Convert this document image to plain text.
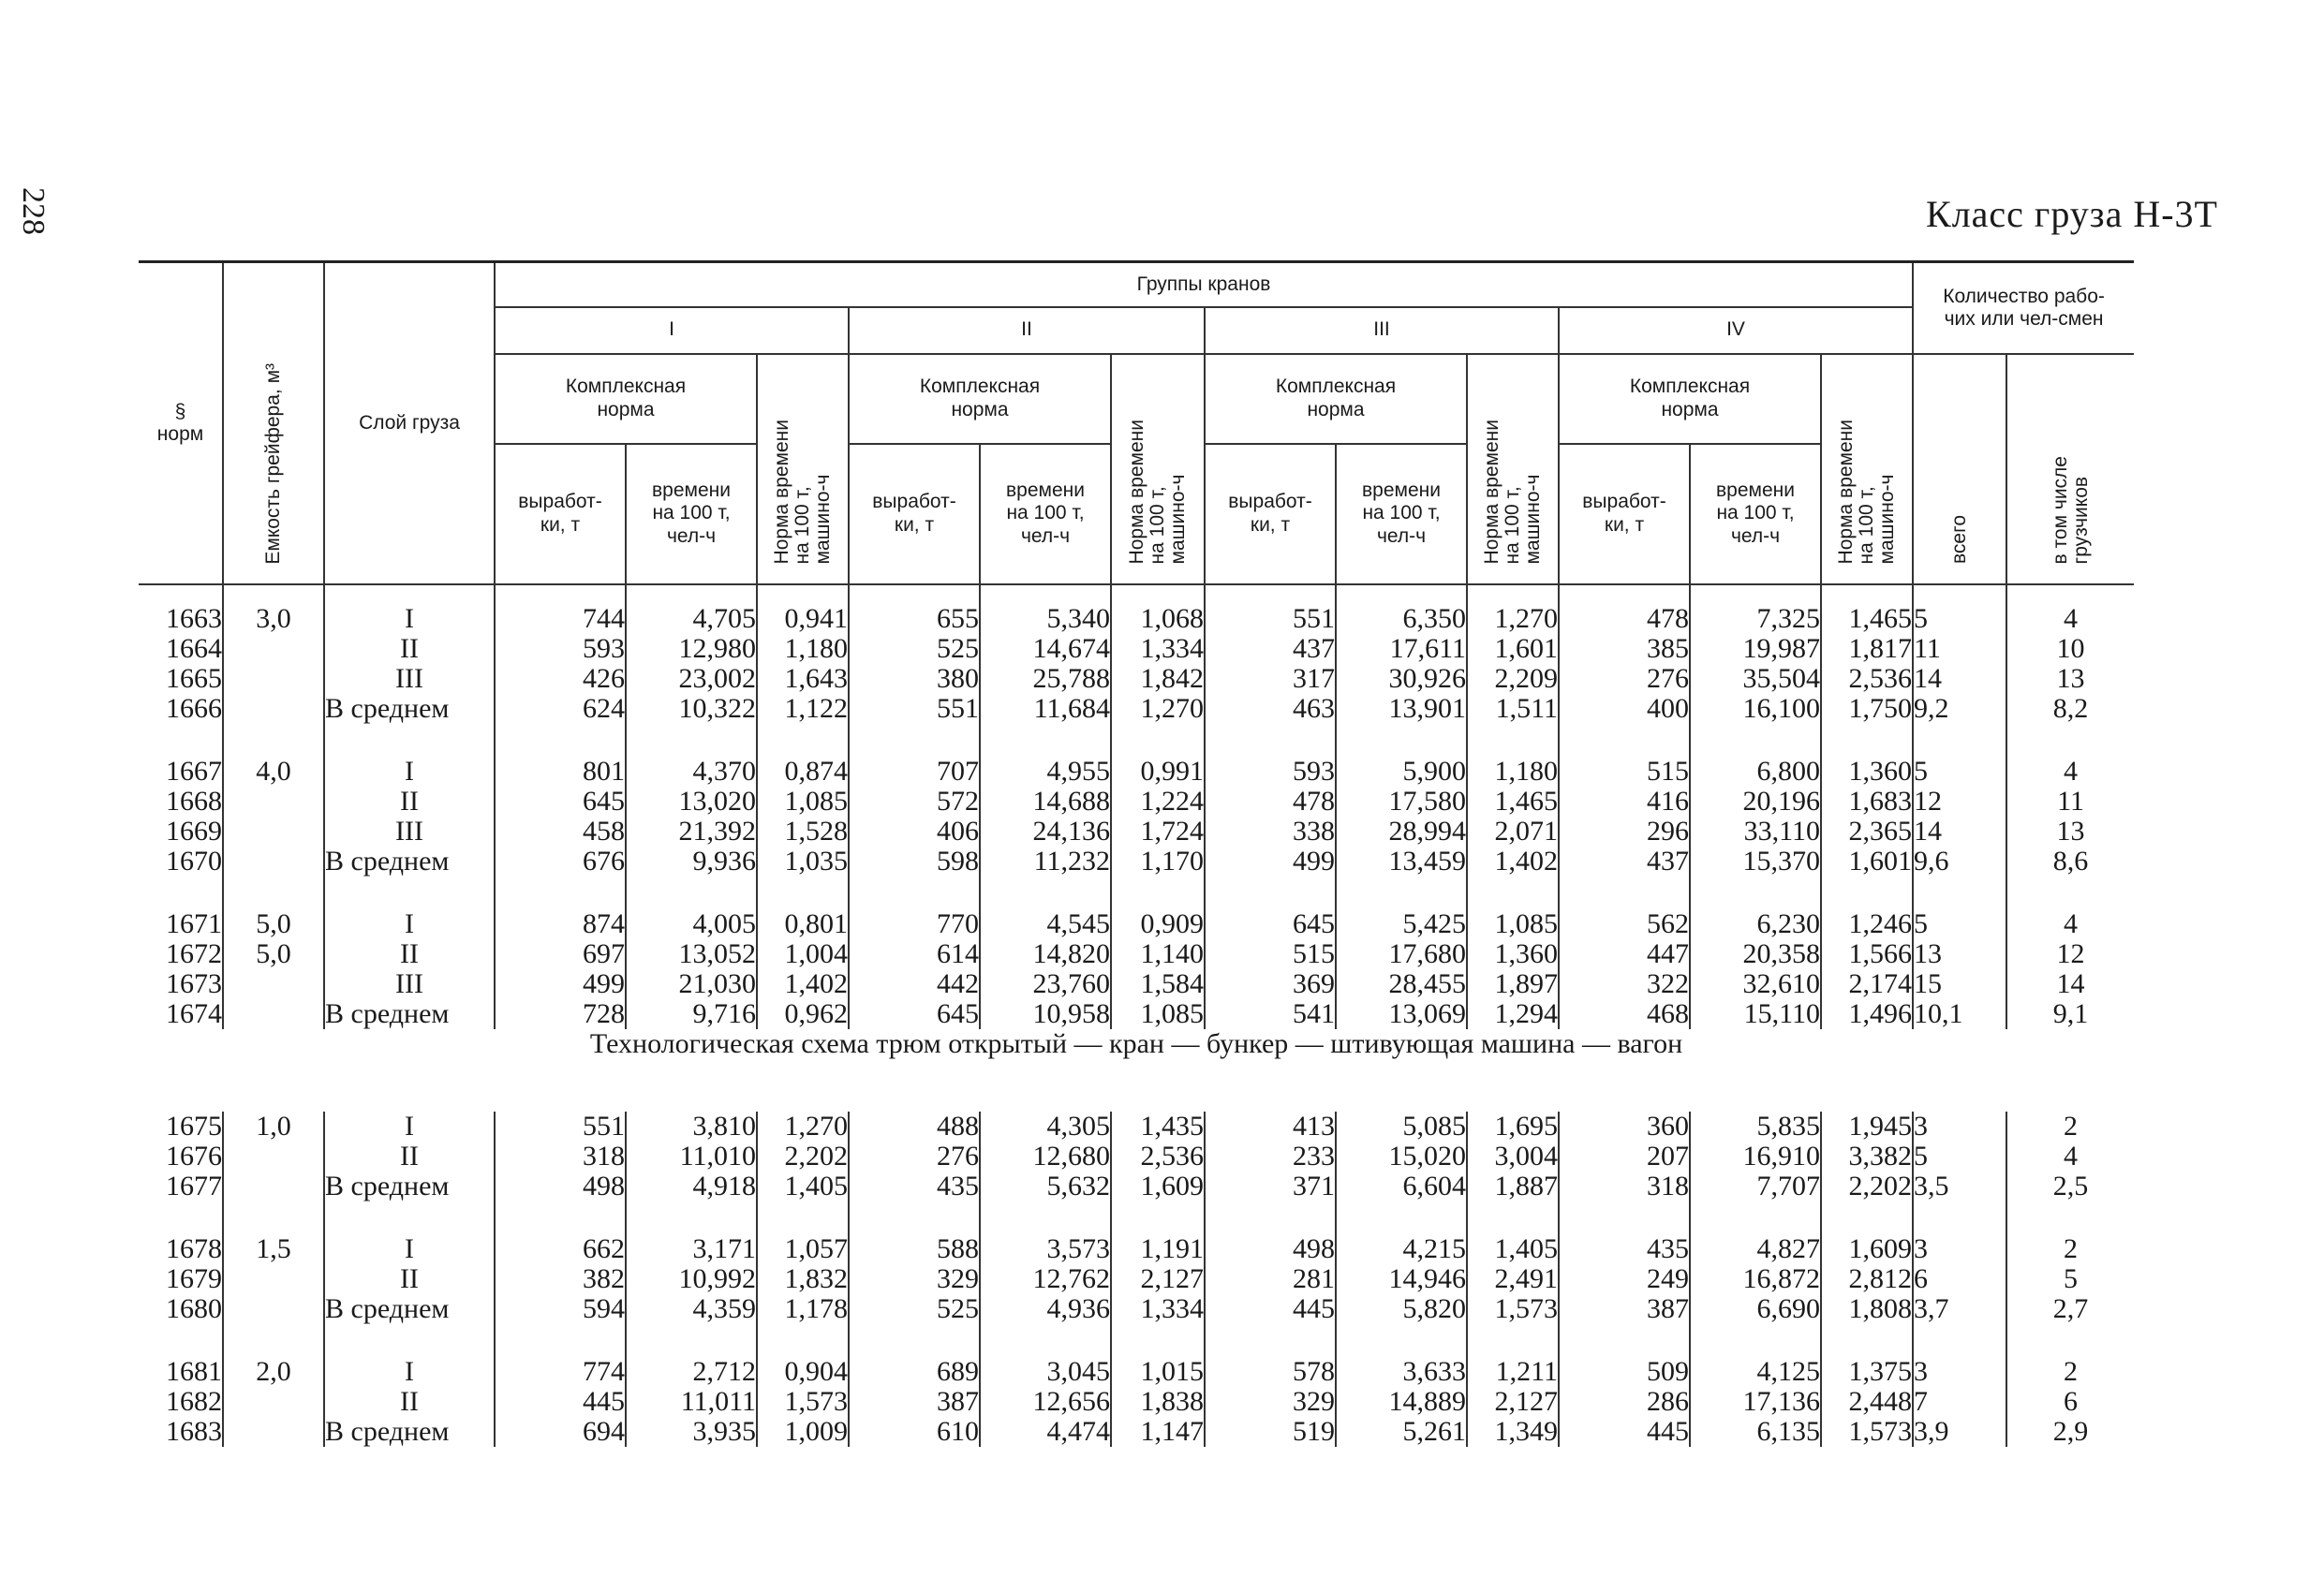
228	Класс груза Н-3Т
§
норм	Емкость грейфера, м³	Слой груза	Группы кранов												Количество рабо-
чих или чел-смен	
			I			II			III			IV				
			Комплексная
норма		Норма времени
на 100 т,
машино-ч	Комплексная
норма		Норма времени
на 100 т,
машино-ч	Комплексная
норма		Норма времени
на 100 т,
машино-ч	Комплексная
норма		Норма времени
на 100 т,
машино-ч	всего	в том числе
грузчиков
			выработ-
ки, т	времени
на 100 т,
чел-ч		выработ-
ки, т	времени
на 100 т,
чел-ч		выработ-
ки, т	времени
на 100 т,
чел-ч		выработ-
ки, т	времени
на 100 т,
чел-ч			

1663	3,0	I	744	4,705	0,941	655	5,340	1,068	551	6,350	1,270	478	7,325	1,465	5	4
1664		II	593	12,980	1,180	525	14,674	1,334	437	17,611	1,601	385	19,987	1,817	11	10
1665		III	426	23,002	1,643	380	25,788	1,842	317	30,926	2,209	276	35,504	2,536	14	13
1666		В среднем	624	10,322	1,122	551	11,684	1,270	463	13,901	1,511	400	16,100	1,750	9,2	8,2

1667	4,0	I	801	4,370	0,874	707	4,955	0,991	593	5,900	1,180	515	6,800	1,360	5	4
1668		II	645	13,020	1,085	572	14,688	1,224	478	17,580	1,465	416	20,196	1,683	12	11
1669		III	458	21,392	1,528	406	24,136	1,724	338	28,994	2,071	296	33,110	2,365	14	13
1670		В среднем	676	9,936	1,035	598	11,232	1,170	499	13,459	1,402	437	15,370	1,601	9,6	8,6

1671	5,0	I	874	4,005	0,801	770	4,545	0,909	645	5,425	1,085	562	6,230	1,246	5	4
1672	5,0	II	697	13,052	1,004	614	14,820	1,140	515	17,680	1,360	447	20,358	1,566	13	12
1673		III	499	21,030	1,402	442	23,760	1,584	369	28,455	1,897	322	32,610	2,174	15	14
1674		В среднем	728	9,716	0,962	645	10,958	1,085	541	13,069	1,294	468	15,110	1,496	10,1	9,1
Технологическая схема трюм открытый — кран — бункер — штивующая машина — вагон																
1675	1,0	I	551	3,810	1,270	488	4,305	1,435	413	5,085	1,695	360	5,835	1,945	3	2
1676		II	318	11,010	2,202	276	12,680	2,536	233	15,020	3,004	207	16,910	3,382	5	4
1677		В среднем	498	4,918	1,405	435	5,632	1,609	371	6,604	1,887	318	7,707	2,202	3,5	2,5

1678	1,5	I	662	3,171	1,057	588	3,573	1,191	498	4,215	1,405	435	4,827	1,609	3	2
1679		II	382	10,992	1,832	329	12,762	2,127	281	14,946	2,491	249	16,872	2,812	6	5
1680		В среднем	594	4,359	1,178	525	4,936	1,334	445	5,820	1,573	387	6,690	1,808	3,7	2,7

1681	2,0	I	774	2,712	0,904	689	3,045	1,015	578	3,633	1,211	509	4,125	1,375	3	2
1682		II	445	11,011	1,573	387	12,656	1,838	329	14,889	2,127	286	17,136	2,448	7	6
1683		В среднем	694	3,935	1,009	610	4,474	1,147	519	5,261	1,349	445	6,135	1,573	3,9	2,9
